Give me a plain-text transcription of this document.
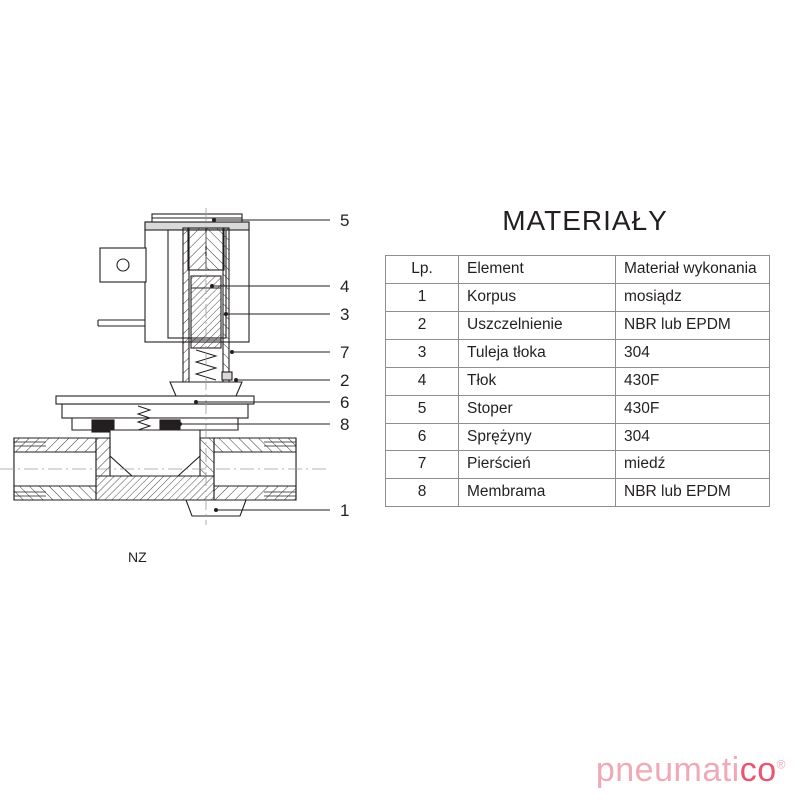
5
4
3
7
2
6
8
1
NZ
MATERIAŁY
Lp.	Element	Materiał wykonania
1	Korpus	mosiądz
2	Uszczelnienie	NBR lub EPDM
3	Tuleja tłoka	304
4	Tłok	430F
5	Stoper	430F
6	Sprężyny	304
7	Pierścień	miedź
8	Membrama	NBR lub EPDM
pneumatico®
